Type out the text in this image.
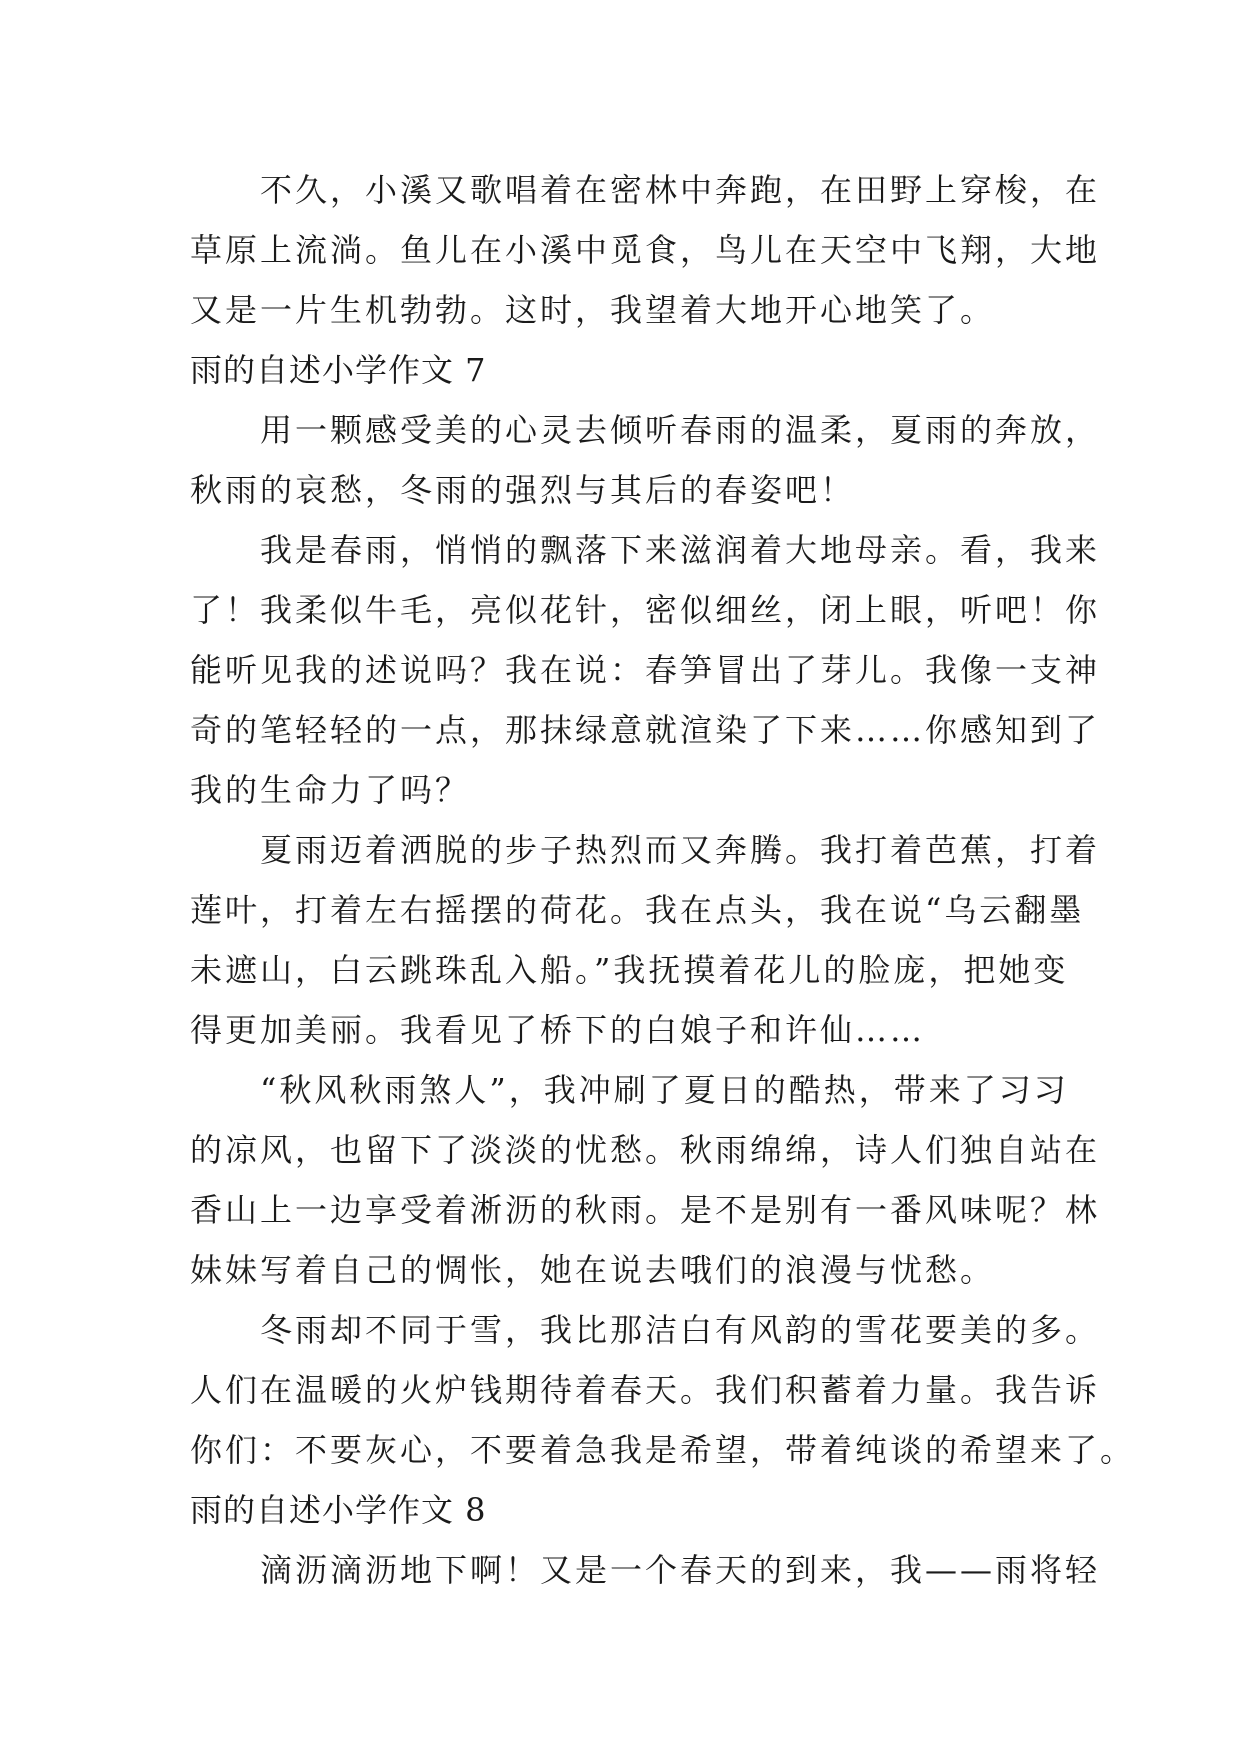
　　不久，小溪又歌唱着在密林中奔跑，在田野上穿梭，在
草原上流淌。鱼儿在小溪中觅食，鸟儿在天空中飞翔，大地
又是一片生机勃勃。这时，我望着大地开心地笑了。
雨的自述小学作文 7
　　用一颗感受美的心灵去倾听春雨的温柔，夏雨的奔放，
秋雨的哀愁，冬雨的强烈与其后的春姿吧！
　　我是春雨，悄悄的飘落下来滋润着大地母亲。看，我来
了！我柔似牛毛，亮似花针，密似细丝，闭上眼，听吧！你
能听见我的述说吗？我在说：春笋冒出了芽儿。我像一支神
奇的笔轻轻的一点，那抹绿意就渲染了下来……你感知到了
我的生命力了吗？
　　夏雨迈着洒脱的步子热烈而又奔腾。我打着芭蕉，打着
莲叶，打着左右摇摆的荷花。我在点头，我在说“乌云翻墨
未遮山，白云跳珠乱入船。”我抚摸着花儿的脸庞，把她变
得更加美丽。我看见了桥下的白娘子和许仙……
　　“秋风秋雨煞人”，我冲刷了夏日的酷热，带来了习习
的凉风，也留下了淡淡的忧愁。秋雨绵绵，诗人们独自站在
香山上一边享受着淅沥的秋雨。是不是别有一番风味呢？林
妹妹写着自己的惆怅，她在说去哦们的浪漫与忧愁。
　　冬雨却不同于雪，我比那洁白有风韵的雪花要美的多。
人们在温暖的火炉钱期待着春天。我们积蓄着力量。我告诉
你们：不要灰心，不要着急我是希望，带着纯谈的希望来了。
雨的自述小学作文 8
　　滴沥滴沥地下啊！又是一个春天的到来，我——雨将轻
